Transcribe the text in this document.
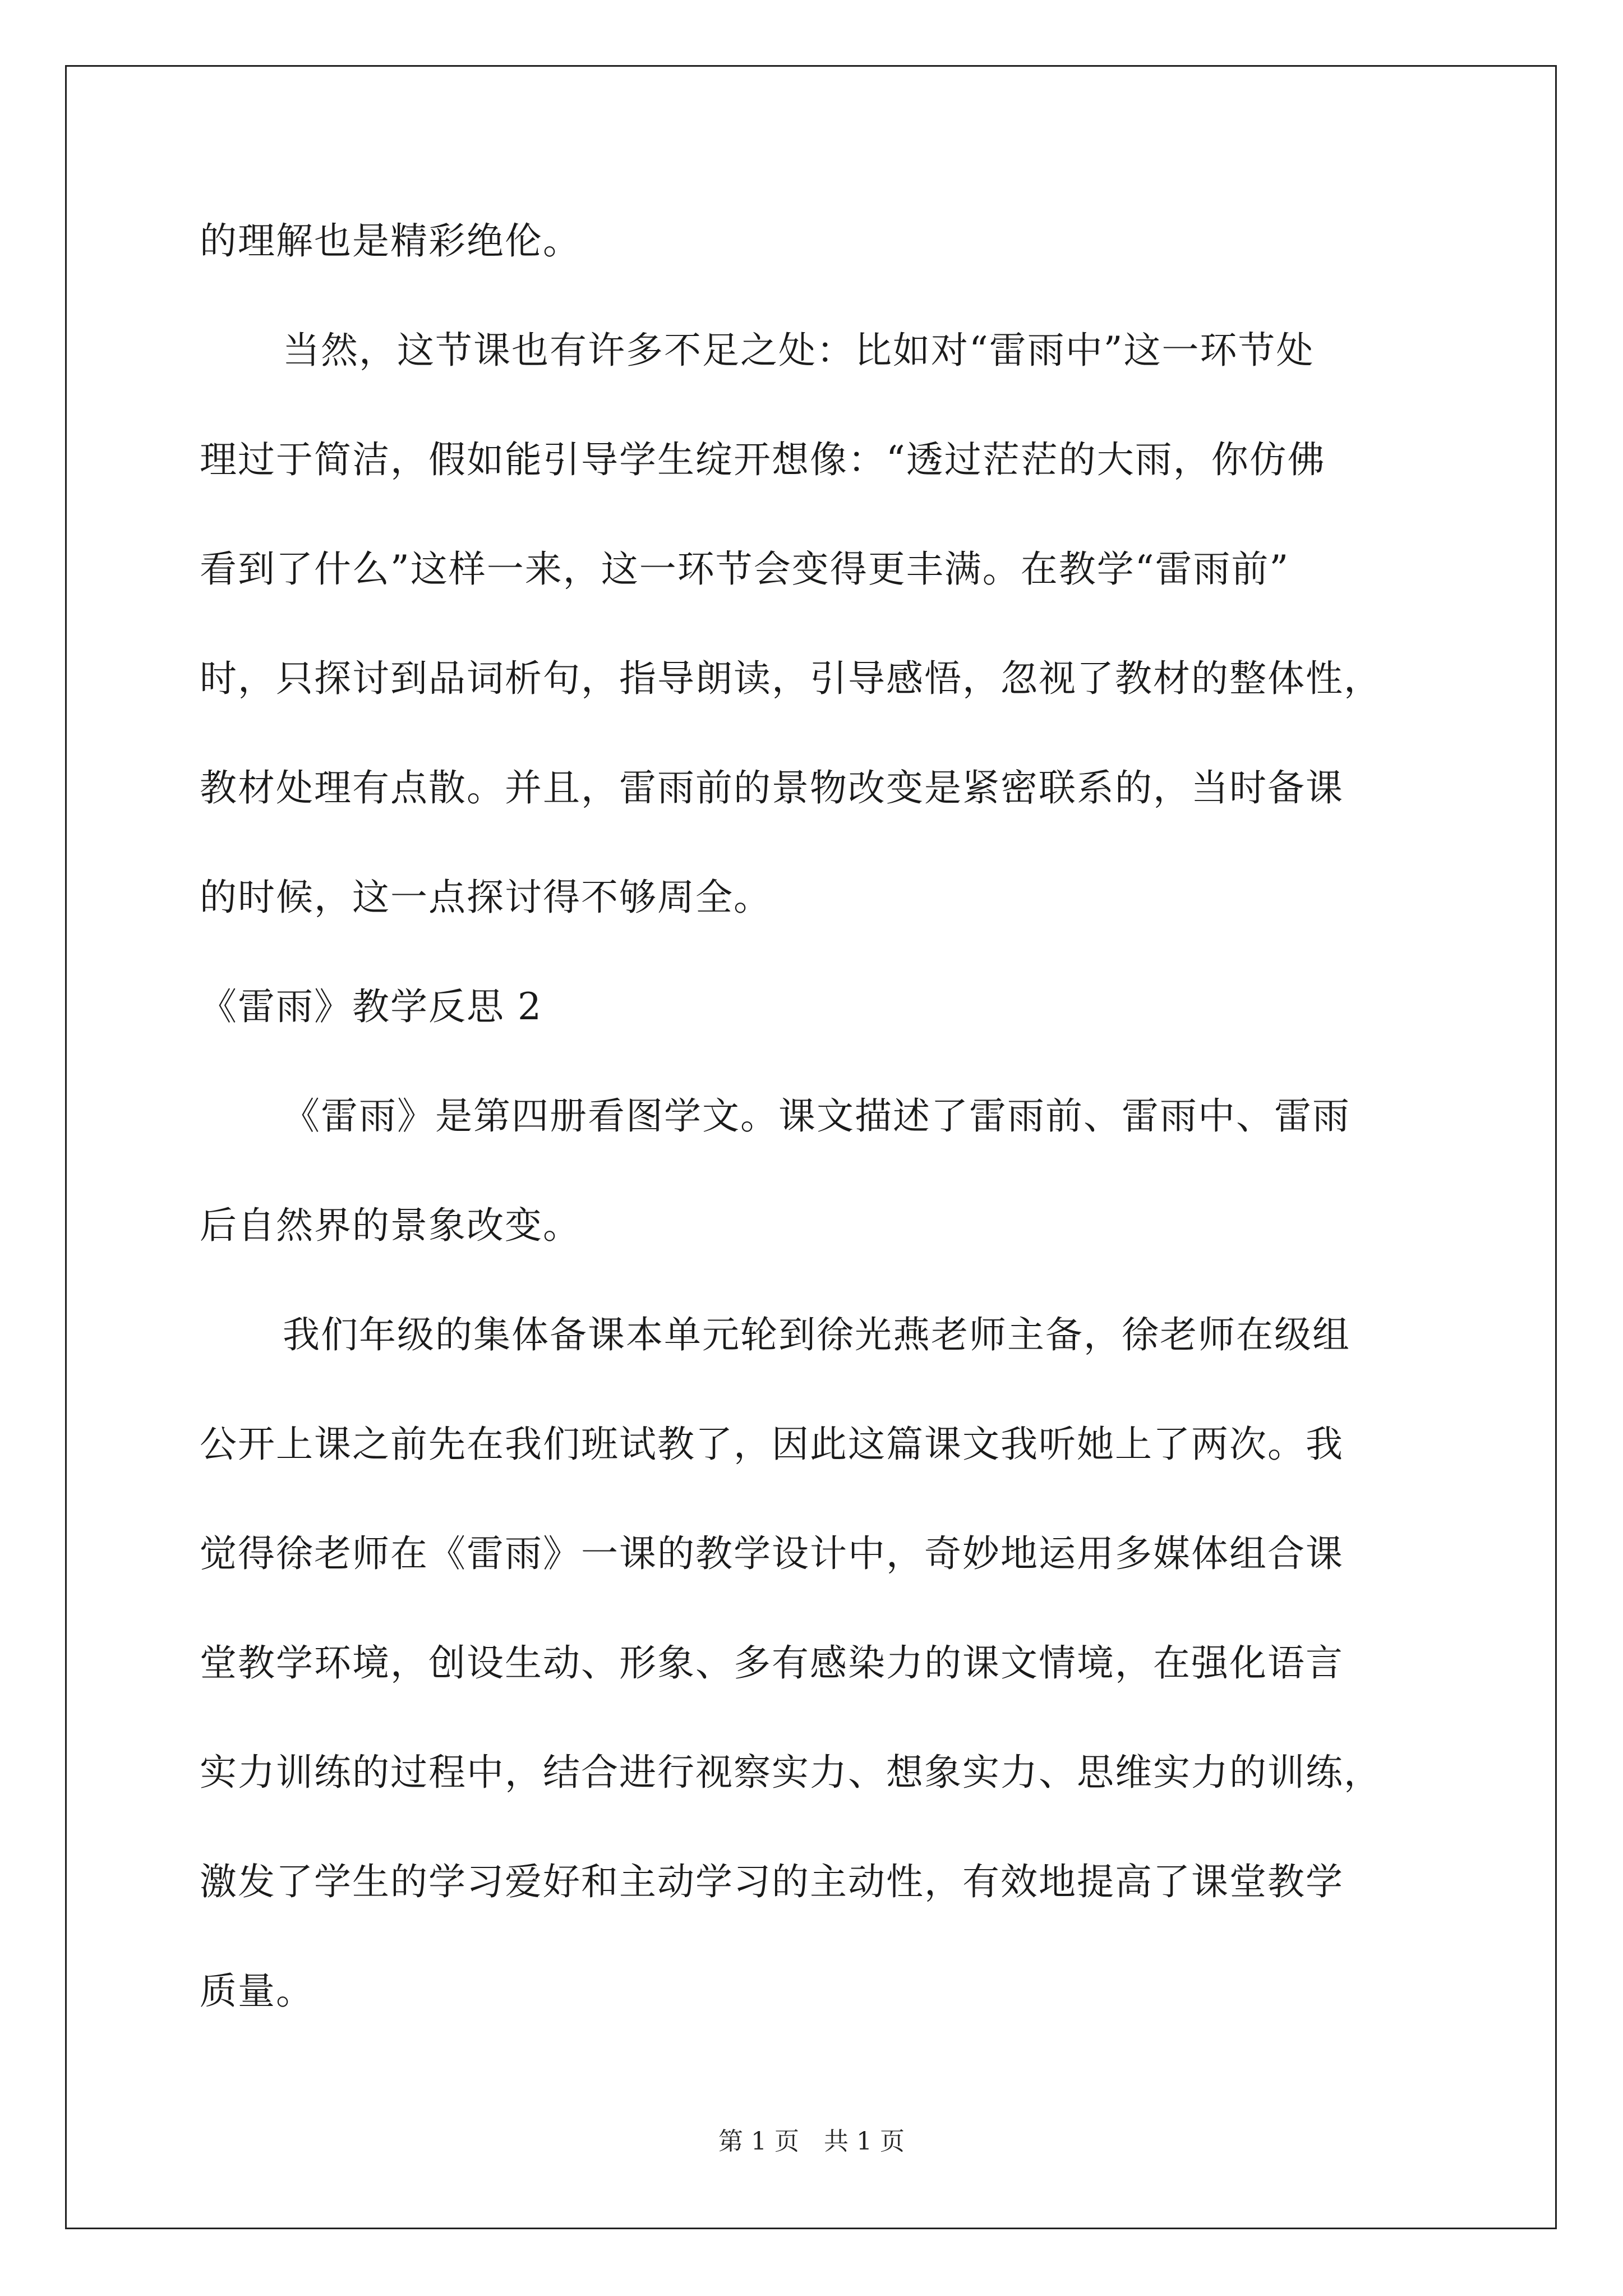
的理解也是精彩绝伦。
当然，这节课也有许多不足之处：比如对“雷雨中”这一环节处
理过于简洁，假如能引导学生绽开想像：“透过茫茫的大雨，你仿佛
看到了什么”这样一来，这一环节会变得更丰满。在教学“雷雨前”
时，只探讨到品词析句，指导朗读，引导感悟，忽视了教材的整体性，
教材处理有点散。并且，雷雨前的景物改变是紧密联系的，当时备课
的时候，这一点探讨得不够周全。
《雷雨》教学反思 2
《雷雨》是第四册看图学文。课文描述了雷雨前、雷雨中、雷雨
后自然界的景象改变。
我们年级的集体备课本单元轮到徐光燕老师主备，徐老师在级组
公开上课之前先在我们班试教了，因此这篇课文我听她上了两次。我
觉得徐老师在《雷雨》一课的教学设计中，奇妙地运用多媒体组合课
堂教学环境，创设生动、形象、多有感染力的课文情境，在强化语言
实力训练的过程中，结合进行视察实力、想象实力、思维实力的训练，
激发了学生的学习爱好和主动学习的主动性，有效地提高了课堂教学
质量。
第 1 页　共 1 页
